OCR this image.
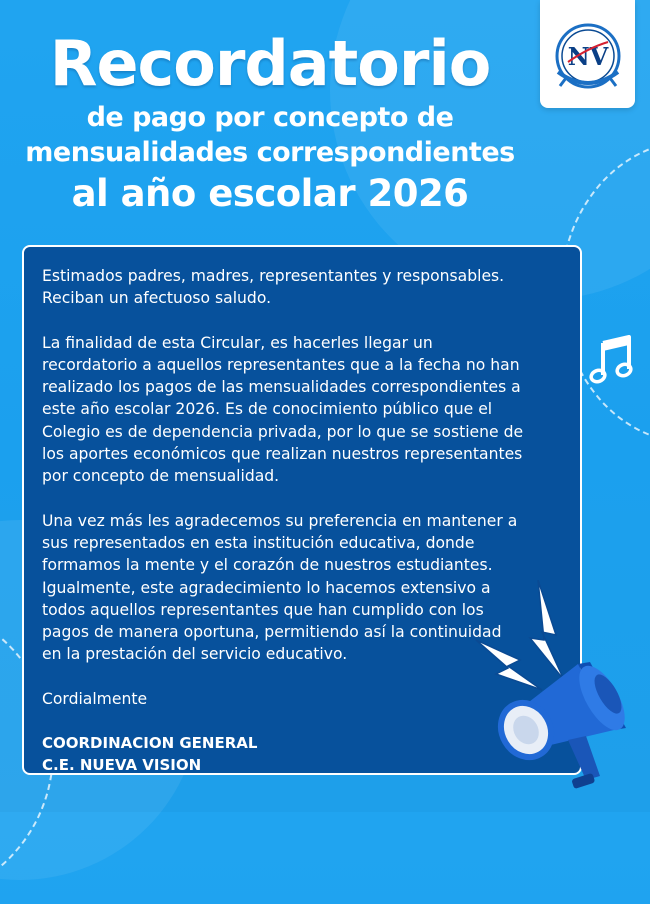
Recordatorio
de pago por concepto de
mensualidades correspondientes
al año escolar 2026
NV

Estimados padres, madres, representantes y responsables.
Reciban un afectuoso saludo.

La finalidad de esta Circular, es hacerles llegar un
recordatorio a aquellos representantes que a la fecha no han
realizado los pagos de las mensualidades correspondientes a
este año escolar 2026. Es de conocimiento público que el
Colegio es de dependencia privada, por lo que se sostiene de
los aportes económicos que realizan nuestros representantes
por concepto de mensualidad.

Una vez más les agradecemos su preferencia en mantener a
sus representados en esta institución educativa, donde
formamos la mente y el corazón de nuestros estudiantes.
Igualmente, este agradecimiento lo hacemos extensivo a
todos aquellos representantes que han cumplido con los
pagos de manera oportuna, permitiendo así la continuidad
en la prestación del servicio educativo.

Cordialmente

COORDINACION GENERAL

C.E. NUEVA VISION
